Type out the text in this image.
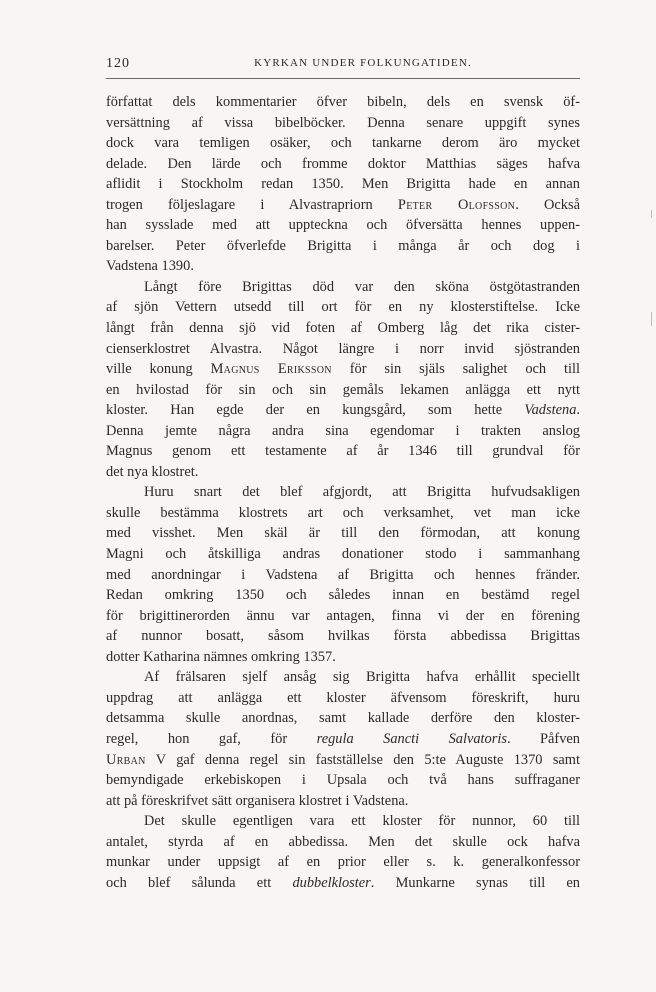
120	KYRKAN UNDER FOLKUNGATIDEN.
författat dels kommentarier öfver bibeln, dels en svensk öf-
versättning af vissa bibelböcker. Denna senare uppgift synes
dock vara temligen osäker, och tankarne derom äro mycket
delade. Den lärde och fromme doktor Matthias säges hafva
aflidit i Stockholm redan 1350. Men Brigitta hade en annan
trogen följeslagare i Alvastrapriorn Peter Olofsson. Också
han sysslade med att uppteckna och öfversätta hennes uppen-
barelser. Peter öfverlefde Brigitta i många år och dog i
Vadstena 1390.
Långt före Brigittas död var den sköna östgötastranden
af sjön Vettern utsedd till ort för en ny klosterstiftelse. Icke
långt från denna sjö vid foten af Omberg låg det rika cister-
cienserklostret Alvastra. Något längre i norr invid sjöstranden
ville konung Magnus Eriksson för sin själs salighet och till
en hvilostad för sin och sin gemåls lekamen anlägga ett nytt
kloster. Han egde der en kungsgård, som hette Vadstena.
Denna jemte några andra sina egendomar i trakten anslog
Magnus genom ett testamente af år 1346 till grundval för
det nya klostret.
Huru snart det blef afgjordt, att Brigitta hufvudsakligen
skulle bestämma klostrets art och verksamhet, vet man icke
med visshet. Men skäl är till den förmodan, att konung
Magni och åtskilliga andras donationer stodo i sammanhang
med anordningar i Vadstena af Brigitta och hennes fränder.
Redan omkring 1350 och således innan en bestämd regel
för brigittinerorden ännu var antagen, finna vi der en förening
af nunnor bosatt, såsom hvilkas första abbedissa Brigittas
dotter Katharina nämnes omkring 1357.
Af frälsaren sjelf ansåg sig Brigitta hafva erhållit speciellt
uppdrag att anlägga ett kloster äfvensom föreskrift, huru
detsamma skulle anordnas, samt kallade derföre den kloster-
regel, hon gaf, för regula Sancti Salvatoris. Påfven
Urban V gaf denna regel sin fastställelse den 5:te Auguste 1370 samt
bemyndigade erkebiskopen i Upsala och två hans suffraganer
att på föreskrifvet sätt organisera klostret i Vadstena.
Det skulle egentligen vara ett kloster för nunnor, 60 till
antalet, styrda af en abbedissa. Men det skulle ock hafva
munkar under uppsigt af en prior eller s. k. generalkonfessor
och blef sålunda ett dubbelkloster. Munkarne synas till en
